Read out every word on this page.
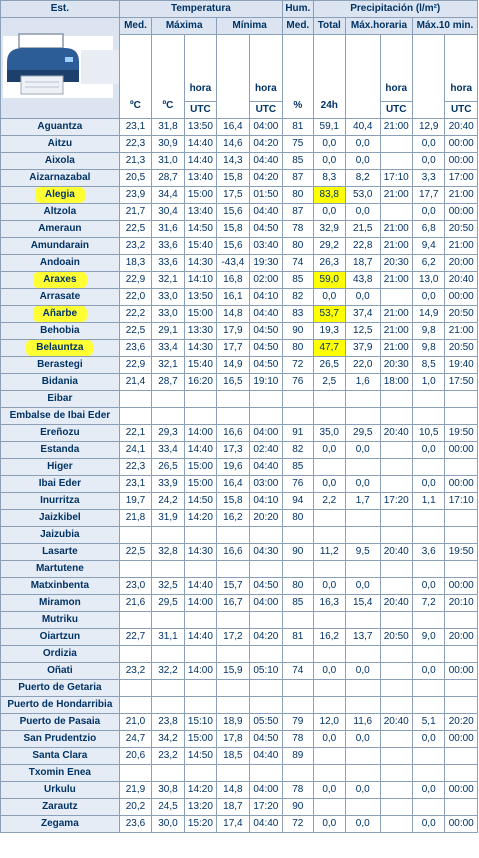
Est.	Temperatura					Hum.	Precipitación (l/m²)				
	Med.	Máxima		Mínima		Med.	Total	Máx.horaria		Máx.10 min.	
	ºC	ºC	hora		hora	%	24h		hora		hora
			UTC		UTC				UTC		UTC
Aguantza	23,1	31,8	13:50	16,4	04:00	81	59,1	40,4	21:00	12,9	20:40
Aitzu	22,3	30,9	14:40	14,6	04:20	75	0,0	0,0		0,0	00:00
Aixola	21,3	31,0	14:40	14,3	04:40	85	0,0	0,0		0,0	00:00
Aizarnazabal	20,5	28,7	13:40	15,8	04:20	87	8,3	8,2	17:10	3,3	17:00
Alegia	23,9	34,4	15:00	17,5	01:50	80	83,8	53,0	21:00	17,7	21:00
Altzola	21,7	30,4	13:40	15,6	04:40	87	0,0	0,0		0,0	00:00
Ameraun	22,5	31,6	14:50	15,8	04:50	78	32,9	21,5	21:00	6,8	20:50
Amundarain	23,2	33,6	15:40	15,6	03:40	80	29,2	22,8	21:00	9,4	21:00
Andoain	18,3	33,6	14:30	-43,4	19:30	74	26,3	18,7	20:30	6,2	20:00
Araxes	22,9	32,1	14:10	16,8	02:00	85	59,0	43,8	21:00	13,0	20:40
Arrasate	22,0	33,0	13:50	16,1	04:10	82	0,0	0,0		0,0	00:00
Añarbe	22,2	33,0	15:00	14,8	04:40	83	53,7	37,4	21:00	14,9	20:50
Behobia	22,5	29,1	13:30	17,9	04:50	90	19,3	12,5	21:00	9,8	21:00
Belauntza	23,6	33,4	14:30	17,7	04:50	80	47,7	37,9	21:00	9,8	20:50
Berastegi	22,9	32,1	15:40	14,9	04:50	72	26,5	22,0	20:30	8,5	19:40
Bidania	21,4	28,7	16:20	16,5	19:10	76	2,5	1,6	18:00	1,0	17:50
Eibar											
Embalse de Ibai Eder											
Ereñozu	22,1	29,3	14:00	16,6	04:00	91	35,0	29,5	20:40	10,5	19:50
Estanda	24,1	33,4	14:40	17,3	02:40	82	0,0	0,0		0,0	00:00
Higer	22,3	26,5	15:00	19,6	04:40	85					
Ibai Eder	23,1	33,9	15:00	16,4	03:00	76	0,0	0,0		0,0	00:00
Inurritza	19,7	24,2	14:50	15,8	04:10	94	2,2	1,7	17:20	1,1	17:10
Jaizkibel	21,8	31,9	14:20	16,2	20:20	80					
Jaizubia											
Lasarte	22,5	32,8	14:30	16,6	04:30	90	11,2	9,5	20:40	3,6	19:50
Martutene											
Matxinbenta	23,0	32,5	14:40	15,7	04:50	80	0,0	0,0		0,0	00:00
Miramon	21,6	29,5	14:00	16,7	04:00	85	16,3	15,4	20:40	7,2	20:10
Mutriku											
Oiartzun	22,7	31,1	14:40	17,2	04:20	81	16,2	13,7	20:50	9,0	20:00
Ordizia											
Oñati	23,2	32,2	14:00	15,9	05:10	74	0,0	0,0		0,0	00:00
Puerto de Getaria											
Puerto de Hondarribia											
Puerto de Pasaia	21,0	23,8	15:10	18,9	05:50	79	12,0	11,6	20:40	5,1	20:20
San Prudentzio	24,7	34,2	15:00	17,8	04:50	78	0,0	0,0		0,0	00:00
Santa Clara	20,6	23,2	14:50	18,5	04:40	89					
Txomin Enea											
Urkulu	21,9	30,8	14:20	14,8	04:00	78	0,0	0,0		0,0	00:00
Zarautz	20,2	24,5	13:20	18,7	17:20	90					
Zegama	23,6	30,0	15:20	17,4	04:40	72	0,0	0,0		0,0	00:00
